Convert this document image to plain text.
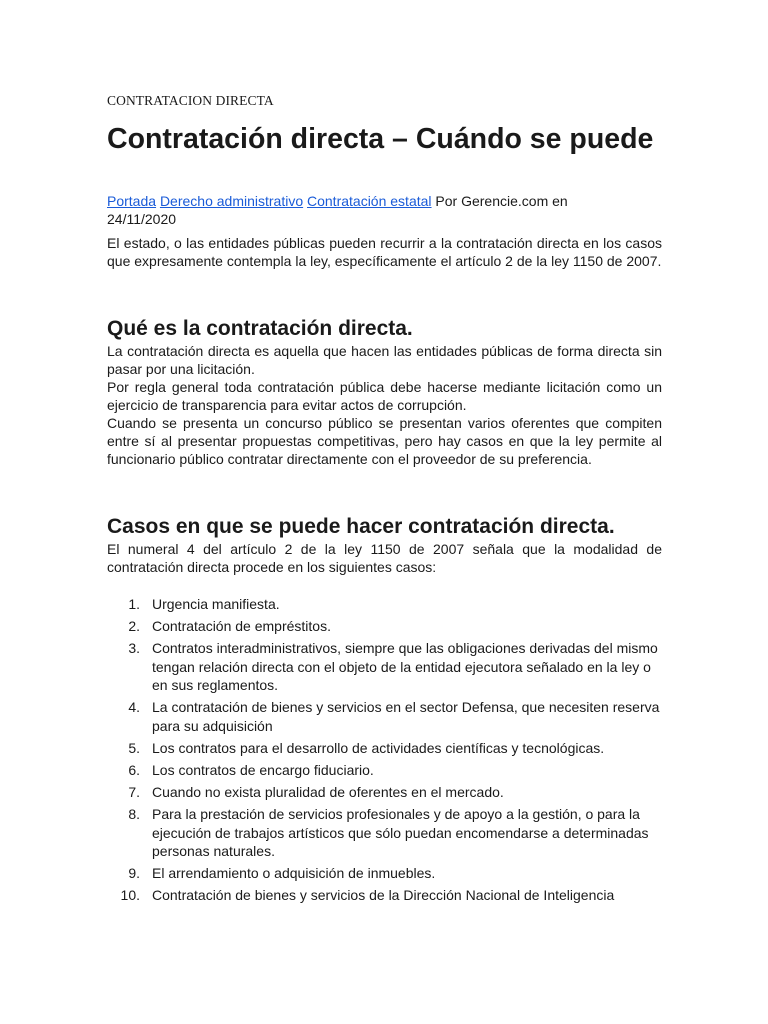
CONTRATACION DIRECTA
Contratación directa – Cuándo se puede
Portada Derecho administrativo Contratación estatal Por Gerencie.com en 24/11/2020

El estado, o las entidades públicas pueden recurrir a la contratación directa en los casos que expresamente contempla la ley, específicamente el artículo 2 de la ley 1150 de 2007.

Qué es la contratación directa.

La contratación directa es aquella que hacen las entidades públicas de forma directa sin pasar por una licitación.

Por regla general toda contratación pública debe hacerse mediante licitación como un ejercicio de transparencia para evitar actos de corrupción.

Cuando se presenta un concurso público se presentan varios oferentes que compiten entre sí al presentar propuestas competitivas, pero hay casos en que la ley permite al funcionario público contratar directamente con el proveedor de su preferencia.

Casos en que se puede hacer contratación directa.

El numeral 4 del artículo 2 de la ley 1150 de 2007 señala que la modalidad de contratación directa procede en los siguientes casos:

1. Urgencia manifiesta.
2. Contratación de empréstitos.
3. Contratos interadministrativos, siempre que las obligaciones derivadas del mismo tengan relación directa con el objeto de la entidad ejecutora señalado en la ley o en sus reglamentos.
4. La contratación de bienes y servicios en el sector Defensa, que necesiten reserva para su adquisición
5. Los contratos para el desarrollo de actividades científicas y tecnológicas.
6. Los contratos de encargo fiduciario.
7. Cuando no exista pluralidad de oferentes en el mercado.
8. Para la prestación de servicios profesionales y de apoyo a la gestión, o para la ejecución de trabajos artísticos que sólo puedan encomendarse a determinadas personas naturales.
9. El arrendamiento o adquisición de inmuebles.
10. Contratación de bienes y servicios de la Dirección Nacional de Inteligencia
